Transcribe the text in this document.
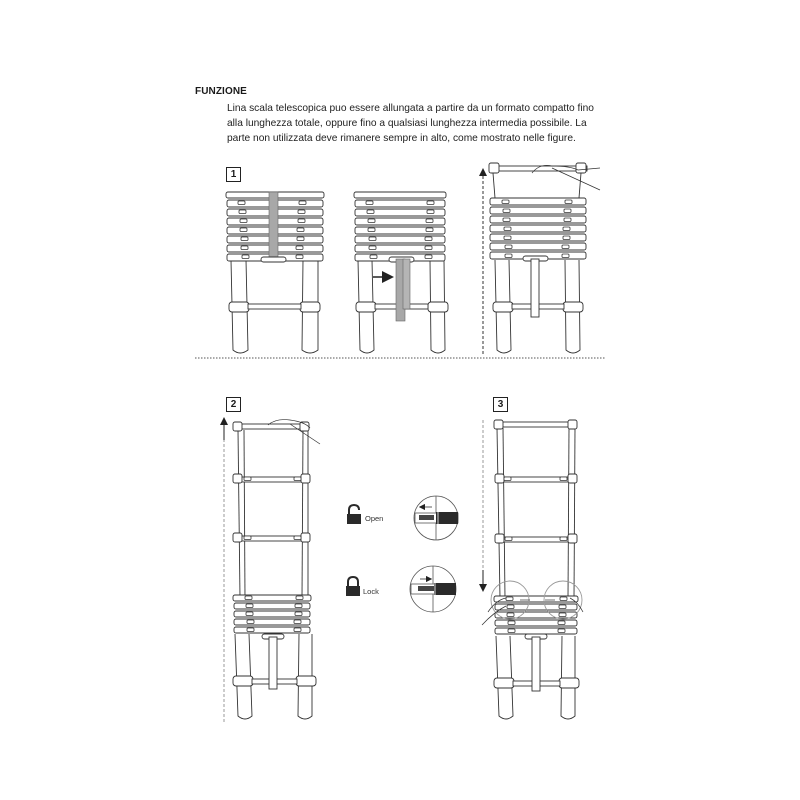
FUNZIONE
Lina scala telescopica puo essere allungata a partire da un formato compatto fino
alla lunghezza totale, oppure fino a qualsiasi lunghezza intermedia possibile. La
parte non utilizzata deve rimanere sempre in alto, come mostrato nelle figure.
1
2	3
Open
Lock
